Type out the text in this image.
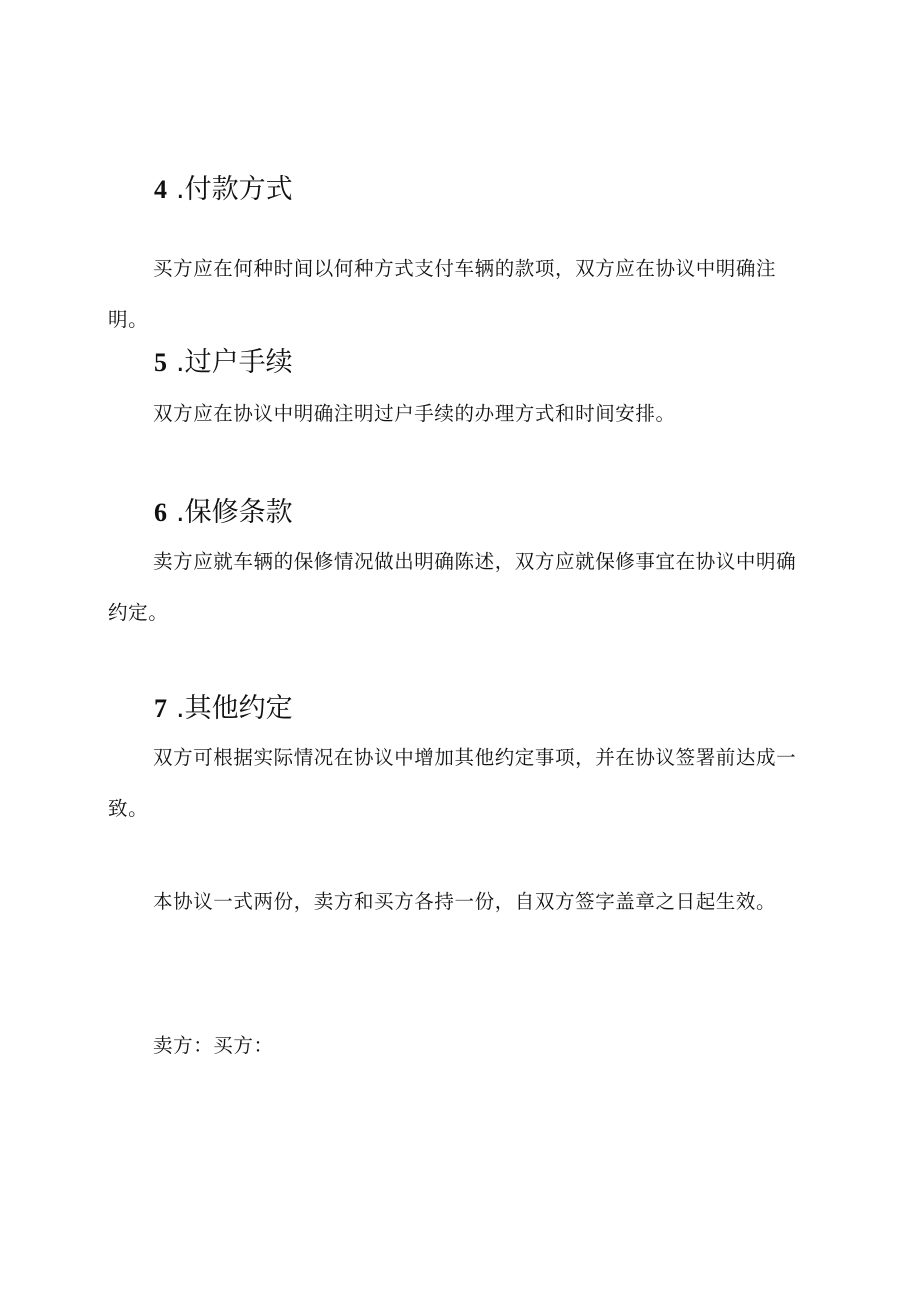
4 .付款方式
买方应在何种时间以何种方式支付车辆的款项，双方应在协议中明确注明。
5 .过户手续
双方应在协议中明确注明过户手续的办理方式和时间安排。
6 .保修条款
卖方应就车辆的保修情况做出明确陈述，双方应就保修事宜在协议中明确约定。
7 .其他约定
双方可根据实际情况在协议中增加其他约定事项，并在协议签署前达成一致。
本协议一式两份，卖方和买方各持一份，自双方签字盖章之日起生效。
卖方：买方：
